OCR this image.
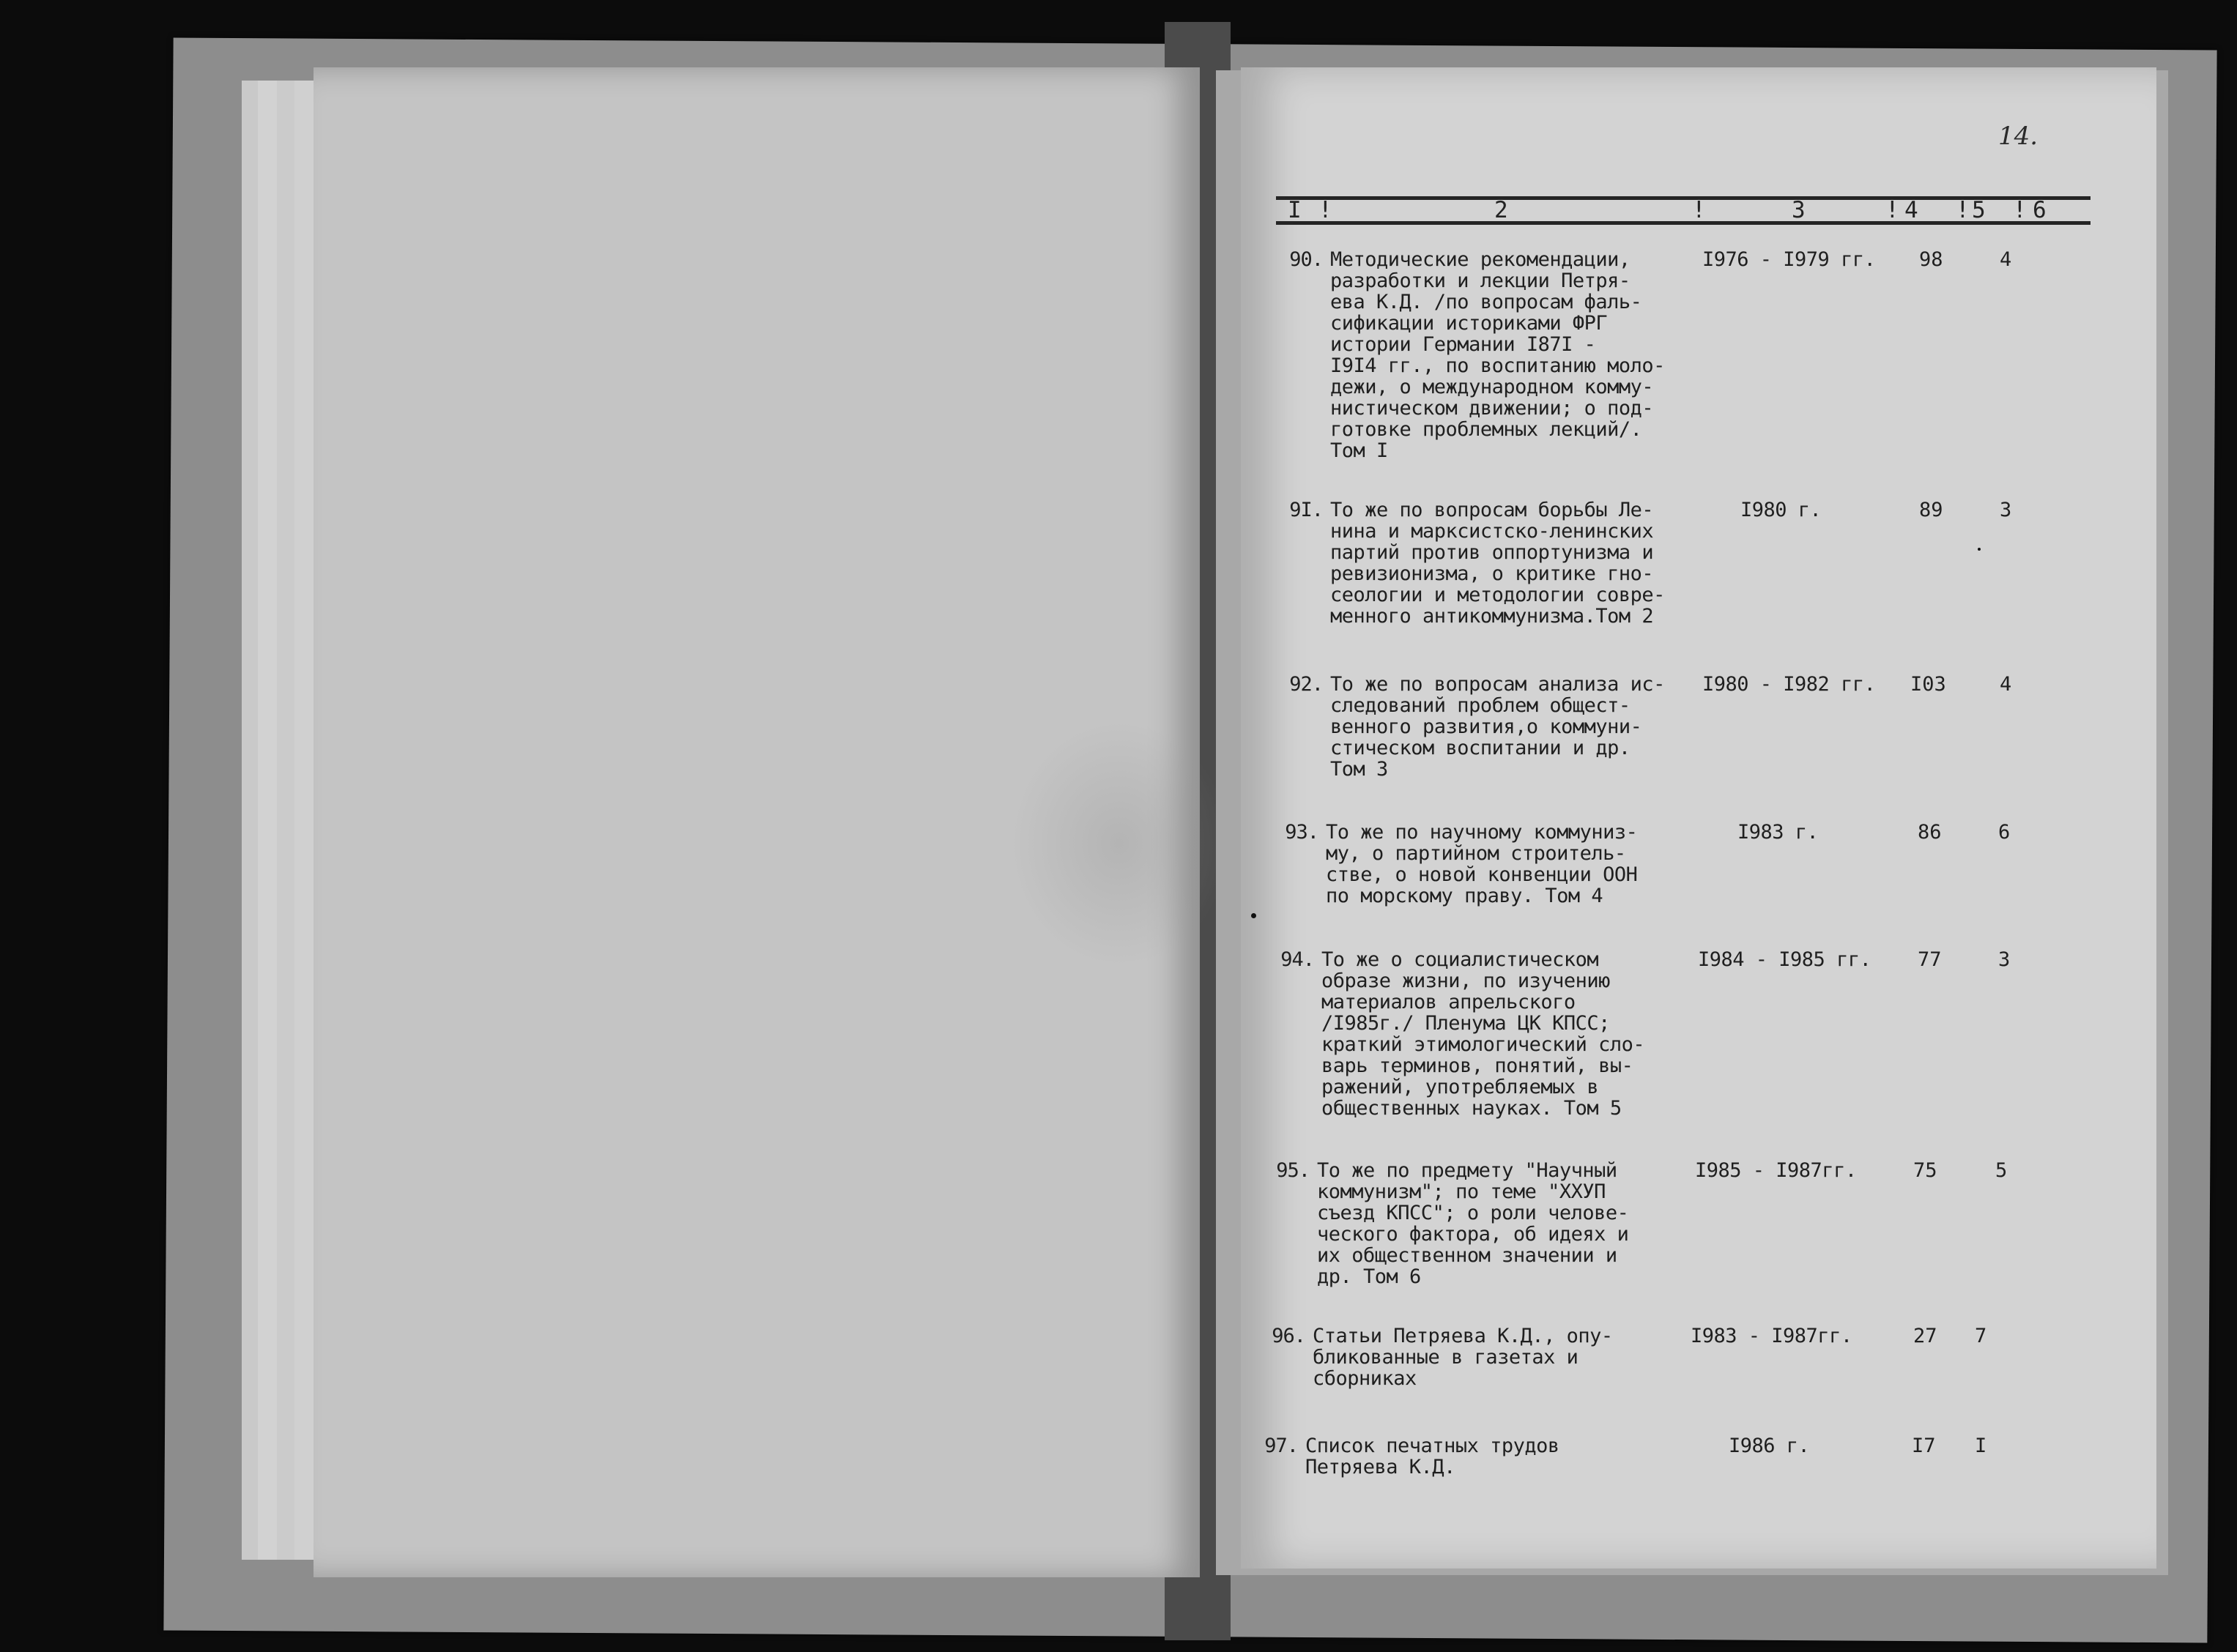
14.
I !	2	!	3	! 4 ! 5 ! 6
90. Методические рекомендации,
разработки и лекции Петря-
ева К.Д. /по вопросам фаль-
сификации историками ФРГ
истории Германии I87I -
I9I4 гг., по воспитанию моло-
дежи, о международном комму-
нистическом движении; о под-
готовке проблемных лекций/.
Том I
I976 - I979 гг. 98	4
9I. То же по вопросам борьбы Ле-
нина и марксистско-ленинских
партий против оппортунизма и
ревизионизма, о критике гно-
сеологии и методологии совре-
менного антикоммунизма.Том 2
I980 г.	89	3
92. То же по вопросам анализа ис-
следований проблем общест-
венного развития,о коммуни-
стическом воспитании и др.
Том 3
I980 - I982 гг. I03	4
93. То же по научному коммуниз-
му, о партийном строитель-
стве, о новой конвенции ООН
по морскому праву. Том 4
I983 г.	86	6
94. То же о социалистическом
образе жизни, по изучению
материалов апрельского
/I985г./ Пленума ЦК КПСС;
краткий этимологический сло-
варь терминов, понятий, вы-
ражений, употребляемых в
общественных науках. Том 5
I984 - I985 гг. 77	3
95. То же по предмету "Научный
коммунизм"; по теме "XXУП
съезд КПСС"; о роли челове-
ческого фактора, об идеях и
их общественном значении и
др. Том 6
I985 - I987гг.	75	5
96. Статьи Петряева К.Д., опу-
бликованные в газетах и
сборниках
I983 - I987гг.	27 7
97. Список печатных трудов
Петряева К.Д.
I986 г.	I7 I
